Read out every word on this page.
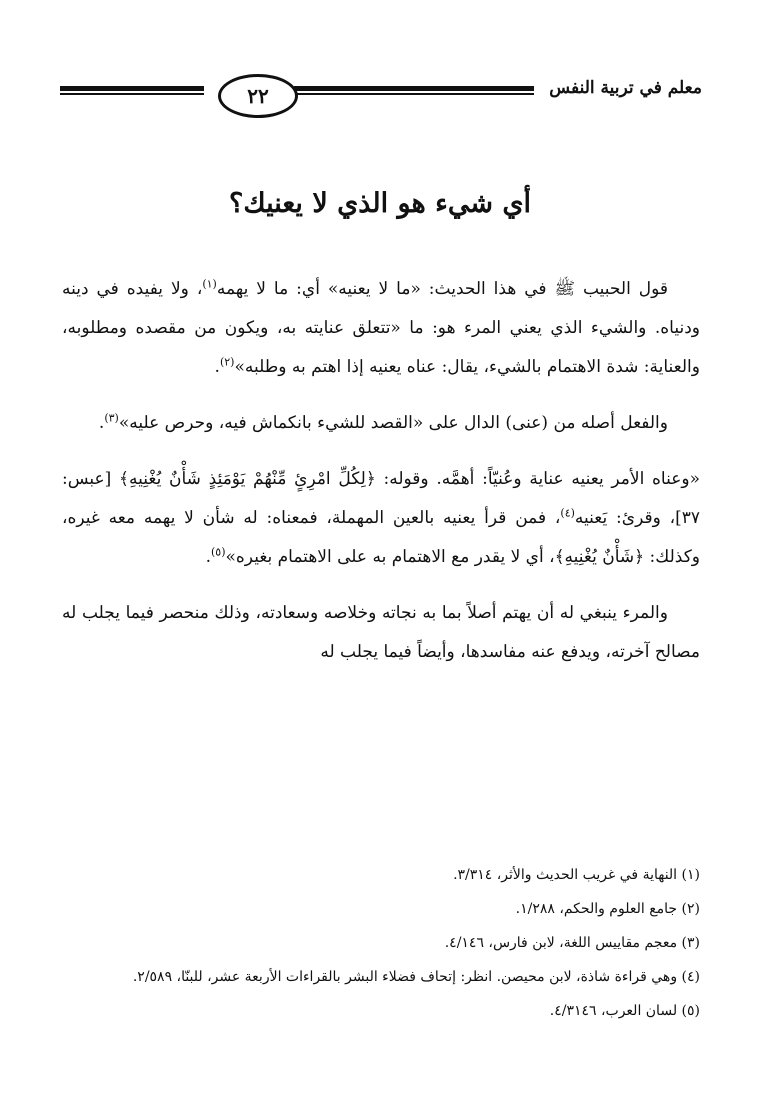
معلم في تربية النفس
٢٢
أي شيء هو الذي لا يعنيك؟

قول الحبيب ﷺ في هذا الحديث: «ما لا يعنيه» أي: ما لا يهمه$^{(١)}$، ولا يفيده في دينه ودنياه. والشيء الذي يعني المرء هو: ما «تتعلق عنايته به، ويكون من مقصده ومطلوبه، والعناية: شدة الاهتمام بالشيء، يقال: عناه يعنيه إذا اهتم به وطلبه»$^{(٢)}$.

والفعل أصله من (عنى) الدال على «القصد للشيء بانكماش فيه، وحرص عليه»$^{(٣)}$.

«وعناه الأمر يعنيه عناية وعُنيّاً: أهمَّه. وقوله: ﴿لِكُلِّ امْرِئٍ مِّنْهُمْ يَوْمَئِذٍ شَأْنٌ يُغْنِيهِ﴾ [عبس: ٣٧]، وقرئ: يَعنيه$^{(٤)}$، فمن قرأ يعنيه بالعين المهملة، فمعناه: له شأن لا يهمه معه غيره، وكذلك: ﴿شَأْنٌ يُغْنِيهِ﴾، أي لا يقدر مع الاهتمام به على الاهتمام بغيره»$^{(٥)}$.

والمرء ينبغي له أن يهتم أصلاً بما به نجاته وخلاصه وسعادته، وذلك منحصر فيما يجلب له مصالح آخرته، ويدفع عنه مفاسدها، وأيضاً فيما يجلب له

(١) النهاية في غريب الحديث والأثر، ٣/٣١٤.

(٢) جامع العلوم والحكم، ١/٢٨٨.

(٣) معجم مقاييس اللغة، لابن فارس، ٤/١٤٦.

(٤) وهي قراءة شاذة، لابن محيصن. انظر: إتحاف فضلاء البشر بالقراءات الأربعة عشر، للبنّا، ٢/٥٨٩.

(٥) لسان العرب، ٤/٣١٤٦.
